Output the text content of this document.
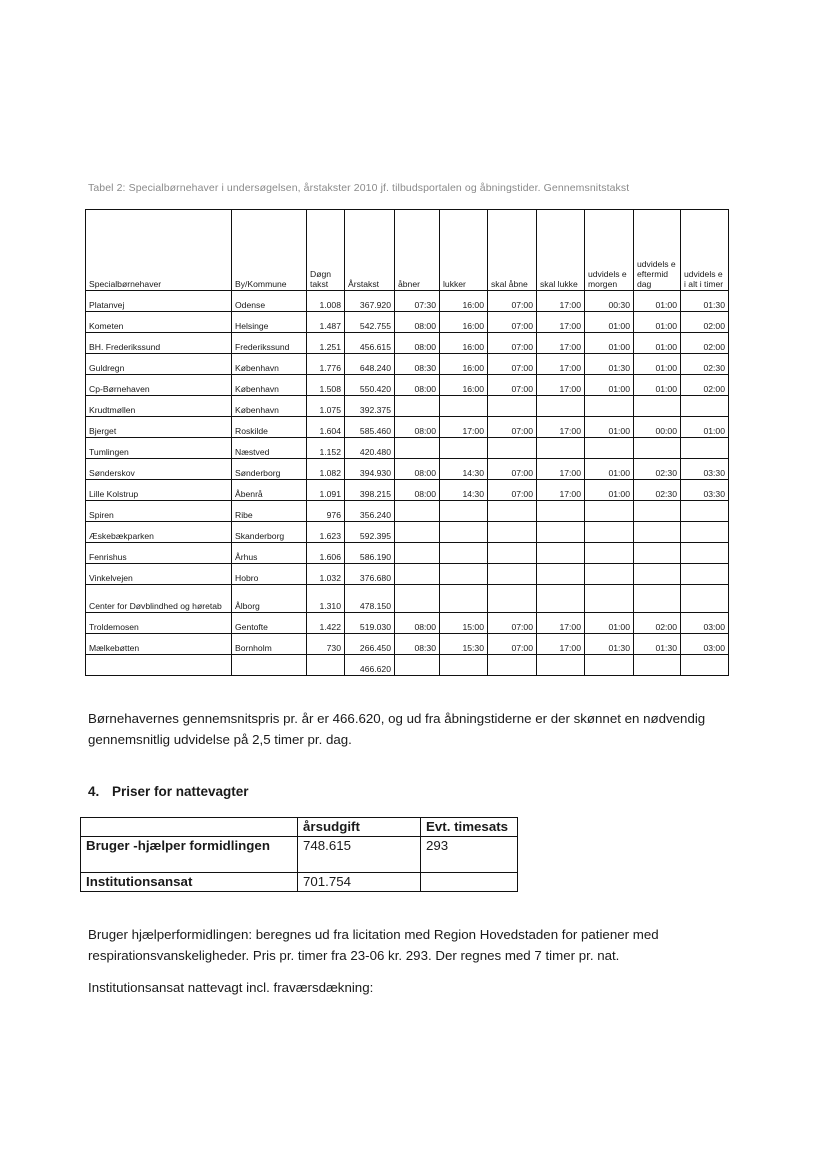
Tabel 2: Specialbørnehaver i undersøgelsen, årstakster 2010 jf. tilbudsportalen og åbningstider. Gennemsnitstakst
Specialbørnehaver	By/Kommune	Døgn takst	Årstakst	åbner	lukker	skal åbne	skal lukke	udvidels e morgen	udvidels e eftermid dag	udvidels e i alt i timer
Platanvej	Odense	1.008	367.920	07:30	16:00	07:00	17:00	00:30	01:00	01:30
Kometen	Helsinge	1.487	542.755	08:00	16:00	07:00	17:00	01:00	01:00	02:00
BH. Frederikssund	Frederikssund	1.251	456.615	08:00	16:00	07:00	17:00	01:00	01:00	02:00
Guldregn	København	1.776	648.240	08:30	16:00	07:00	17:00	01:30	01:00	02:30
Cp-Børnehaven	København	1.508	550.420	08:00	16:00	07:00	17:00	01:00	01:00	02:00
Krudtmøllen	København	1.075	392.375							
Bjerget	Roskilde	1.604	585.460	08:00	17:00	07:00	17:00	01:00	00:00	01:00
Tumlingen	Næstved	1.152	420.480							
Sønderskov	Sønderborg	1.082	394.930	08:00	14:30	07:00	17:00	01:00	02:30	03:30
Lille Kolstrup	Åbenrå	1.091	398.215	08:00	14:30	07:00	17:00	01:00	02:30	03:30
Spiren	Ribe	976	356.240							
Æskebækparken	Skanderborg	1.623	592.395							
Fenrishus	Århus	1.606	586.190							
Vinkelvejen	Hobro	1.032	376.680							
Center for Døvblindhed og høretab	Ålborg	1.310	478.150							
Troldemosen	Gentofte	1.422	519.030	08:00	15:00	07:00	17:00	01:00	02:00	03:00
Mælkebøtten	Bornholm	730	266.450	08:30	15:30	07:00	17:00	01:30	01:30	03:00
			466.620							
Børnehavernes gennemsnitspris pr. år er 466.620, og ud fra åbningstiderne er der skønnet en nødvendig gennemsnitlig udvidelse på 2,5 timer pr. dag.
4. Priser for nattevagter
	årsudgift	Evt. timesats
Bruger -hjælper formidlingen	748.615	293
Institutionsansat	701.754	
Bruger hjælperformidlingen: beregnes ud fra licitation med Region Hovedstaden for patiener med respirationsvanskeligheder. Pris pr. timer fra 23-06 kr. 293. Der regnes med 7 timer pr. nat.
Institutionsansat nattevagt incl. fraværsdækning:
